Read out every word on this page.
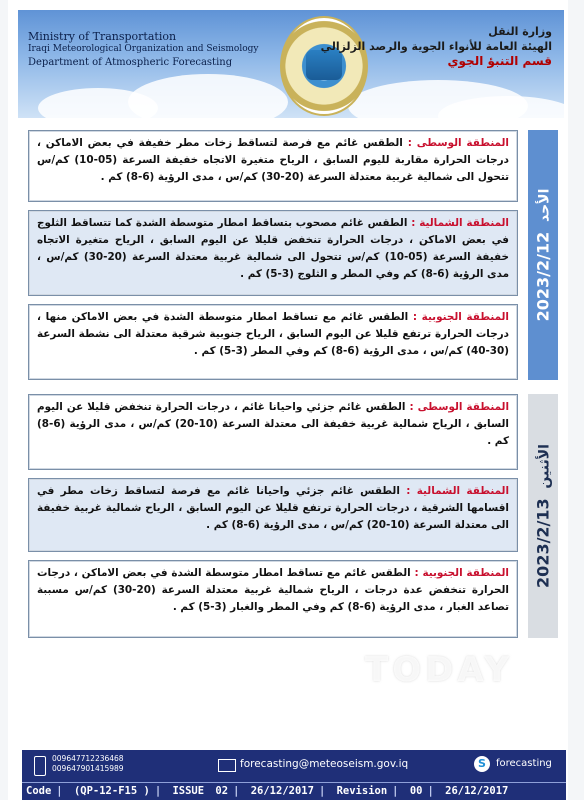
Ministry of Transportation
Iraqi Meteorological Organization and Seismology
Department of Atmospheric Forecasting
وزارة النقل
الهيئة العامة للأنواء الجوية والرصد الزلزالي
قسم التنبؤ الجوي
الأحد  2023/2/12
المنطقة الوسطى : الطقس غائم مع فرصة لتساقط زخات مطر خفيفة في بعض الاماكن ، درجات الحرارة مقاربة لليوم السابق ، الرياح متغيرة الاتجاه خفيفة السرعة (05-10) كم/س تتحول الى شمالية غربية معتدلة السرعة (20-30) كم/س ، مدى الرؤية (6-8) كم .
المنطقة الشمالية : الطقس غائم مصحوب بتساقط امطار متوسطة الشدة كما تتساقط الثلوج في بعض الاماكن ، درجات الحرارة تنخفض قليلا عن اليوم السابق ، الرياح متغيرة الاتجاه خفيفة السرعة (05-10) كم/س تتحول الى شمالية غربية معتدلة السرعة (20-30) كم/س ، مدى الرؤية (6-8) كم وفي المطر و الثلوج (3-5) كم .
المنطقة الجنوبية : الطقس غائم مع تساقط امطار متوسطة الشدة في بعض الاماكن منها ، درجات الحرارة ترتفع قليلا عن اليوم السابق ، الرياح جنوبية شرقية معتدلة الى نشطة السرعة (30-40) كم/س ، مدى الرؤية (6-8) كم وفي المطر (3-5) كم .
الأثنين  2023/2/13
المنطقة الوسطى : الطقس غائم جزئي واحيانا غائم ، درجات الحرارة تنخفض قليلا عن اليوم السابق ، الرياح شمالية غربية خفيفة الى معتدلة السرعة (10-20) كم/س ، مدى الرؤية (6-8) كم .
المنطقة الشمالية : الطقس غائم جزئي واحيانا غائم مع فرصة لتساقط زخات مطر في اقسامها الشرقية ، درجات الحرارة ترتفع قليلا عن اليوم السابق ، الرياح شمالية غربية خفيفة الى معتدلة السرعة (10-20) كم/س ، مدى الرؤية (6-8) كم .
المنطقة الجنوبية : الطقس غائم مع تساقط امطار متوسطة الشدة في بعض الاماكن ، درجات الحرارة تنخفض عدة درجات ، الرياح شمالية غربية معتدلة السرعة (20-30) كم/س مسببة تصاعد الغبار ، مدى الرؤية (6-8) كم وفي المطر والغبار (3-5) كم .
TODAY
009647712236468
009647901415989	forecasting@meteoseism.gov.iq	S	forecasting
Code | (QP-12-F15 ) | ISSUE 02 | 26/12/2017 | Revision | 00 | 26/12/2017
